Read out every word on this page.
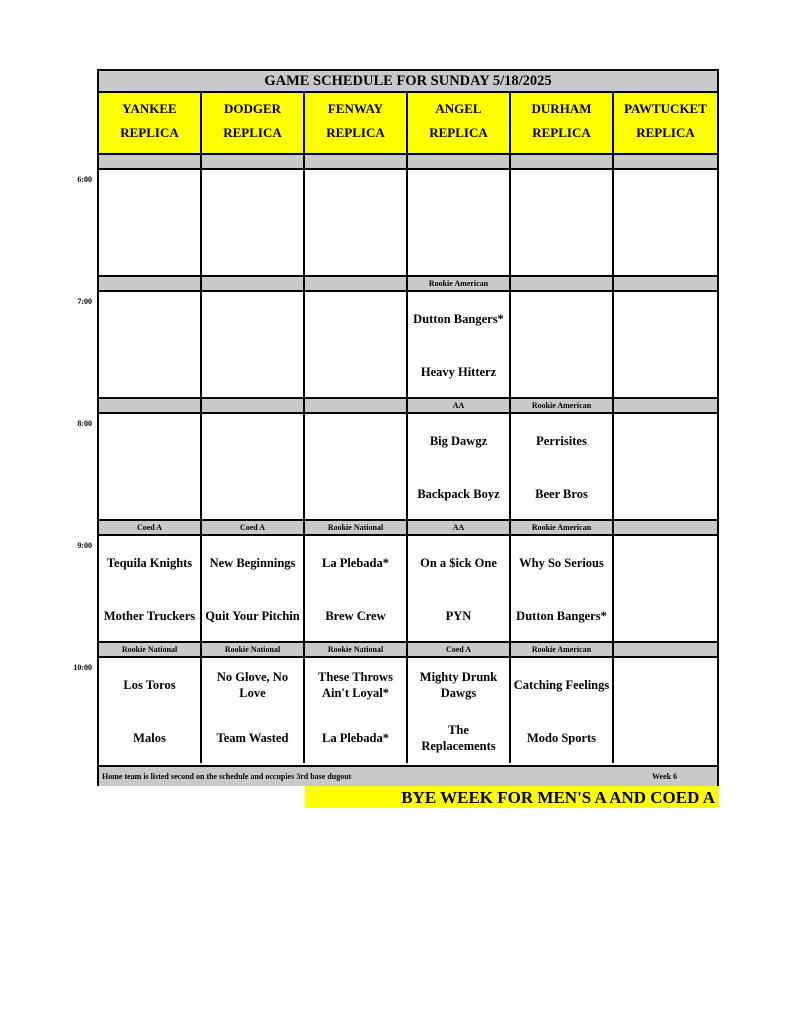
GAME SCHEDULE FOR SUNDAY 5/18/2025
YANKEE
REPLICA
DODGER
REPLICA
FENWAY
REPLICA
ANGEL
REPLICA
DURHAM
REPLICA
PAWTUCKET
REPLICA
Rookie American
Dutton Bangers*
Heavy Hitterz
AA
Big Dawgz
Backpack Boyz
Rookie American
Perrisites
Beer Bros
Coed A
Tequila Knights
Mother Truckers
Coed A
New Beginnings
Quit Your Pitchin
Rookie National
La Plebada*
Brew Crew
AA
On a $ick One
PYN
Rookie American
Why So Serious
Dutton Bangers*
Rookie National
Los Toros
Malos
Rookie National
No Glove, No Love
Team Wasted
Rookie National
These Throws Ain't Loyal*
La Plebada*
Coed A
Mighty Drunk Dawgs
The Replacements
Rookie American
Catching Feelings
Modo Sports
Home team is listed second on the schedule and occupies 3rd base dugout	Week 6
6:00
7:00
8:00
9:00
10:00
BYE WEEK FOR MEN'S A AND COED A
